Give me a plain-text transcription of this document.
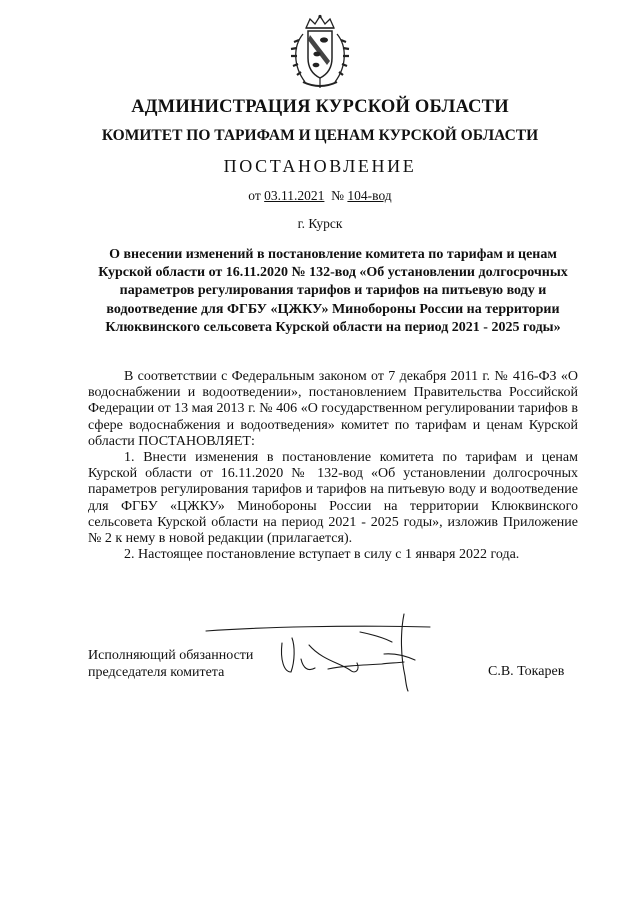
АДМИНИСТРАЦИЯ КУРСКОЙ ОБЛАСТИ
КОМИТЕТ ПО ТАРИФАМ И ЦЕНАМ КУРСКОЙ ОБЛАСТИ
ПОСТАНОВЛЕНИЕ
от 03.11.2021 № 104-вод
г. Курск
О внесении изменений в постановление комитета по тарифам и ценам Курской области от 16.11.2020 № 132-вод «Об установлении долгосрочных параметров регулирования тарифов и тарифов на питьевую воду и водоотведение для ФГБУ «ЦЖКУ» Минобороны России на территории Клюквинского сельсовета Курской области на период 2021 - 2025 годы»

В соответствии с Федеральным законом от 7 декабря 2011 г. № 416-ФЗ «О водоснабжении и водоотведении», постановлением Правительства Российской Федерации от 13 мая 2013 г. № 406 «О государственном регулировании тарифов в сфере водоснабжения и водоотведения» комитет по тарифам и ценам Курской области ПОСТАНОВЛЯЕТ:

1. Внести изменения в постановление комитета по тарифам и ценам Курской области от 16.11.2020 № 132-вод «Об установлении долгосрочных параметров регулирования тарифов и тарифов на питьевую воду и водоотведение для ФГБУ «ЦЖКУ» Минобороны России на территории Клюквинского сельсовета Курской области на период 2021 - 2025 годы», изложив Приложение № 2 к нему в новой редакции (прилагается).

2. Настоящее постановление вступает в силу с 1 января 2022 года.

Исполняющий обязанности
председателя комитета	С.В. Токарев
